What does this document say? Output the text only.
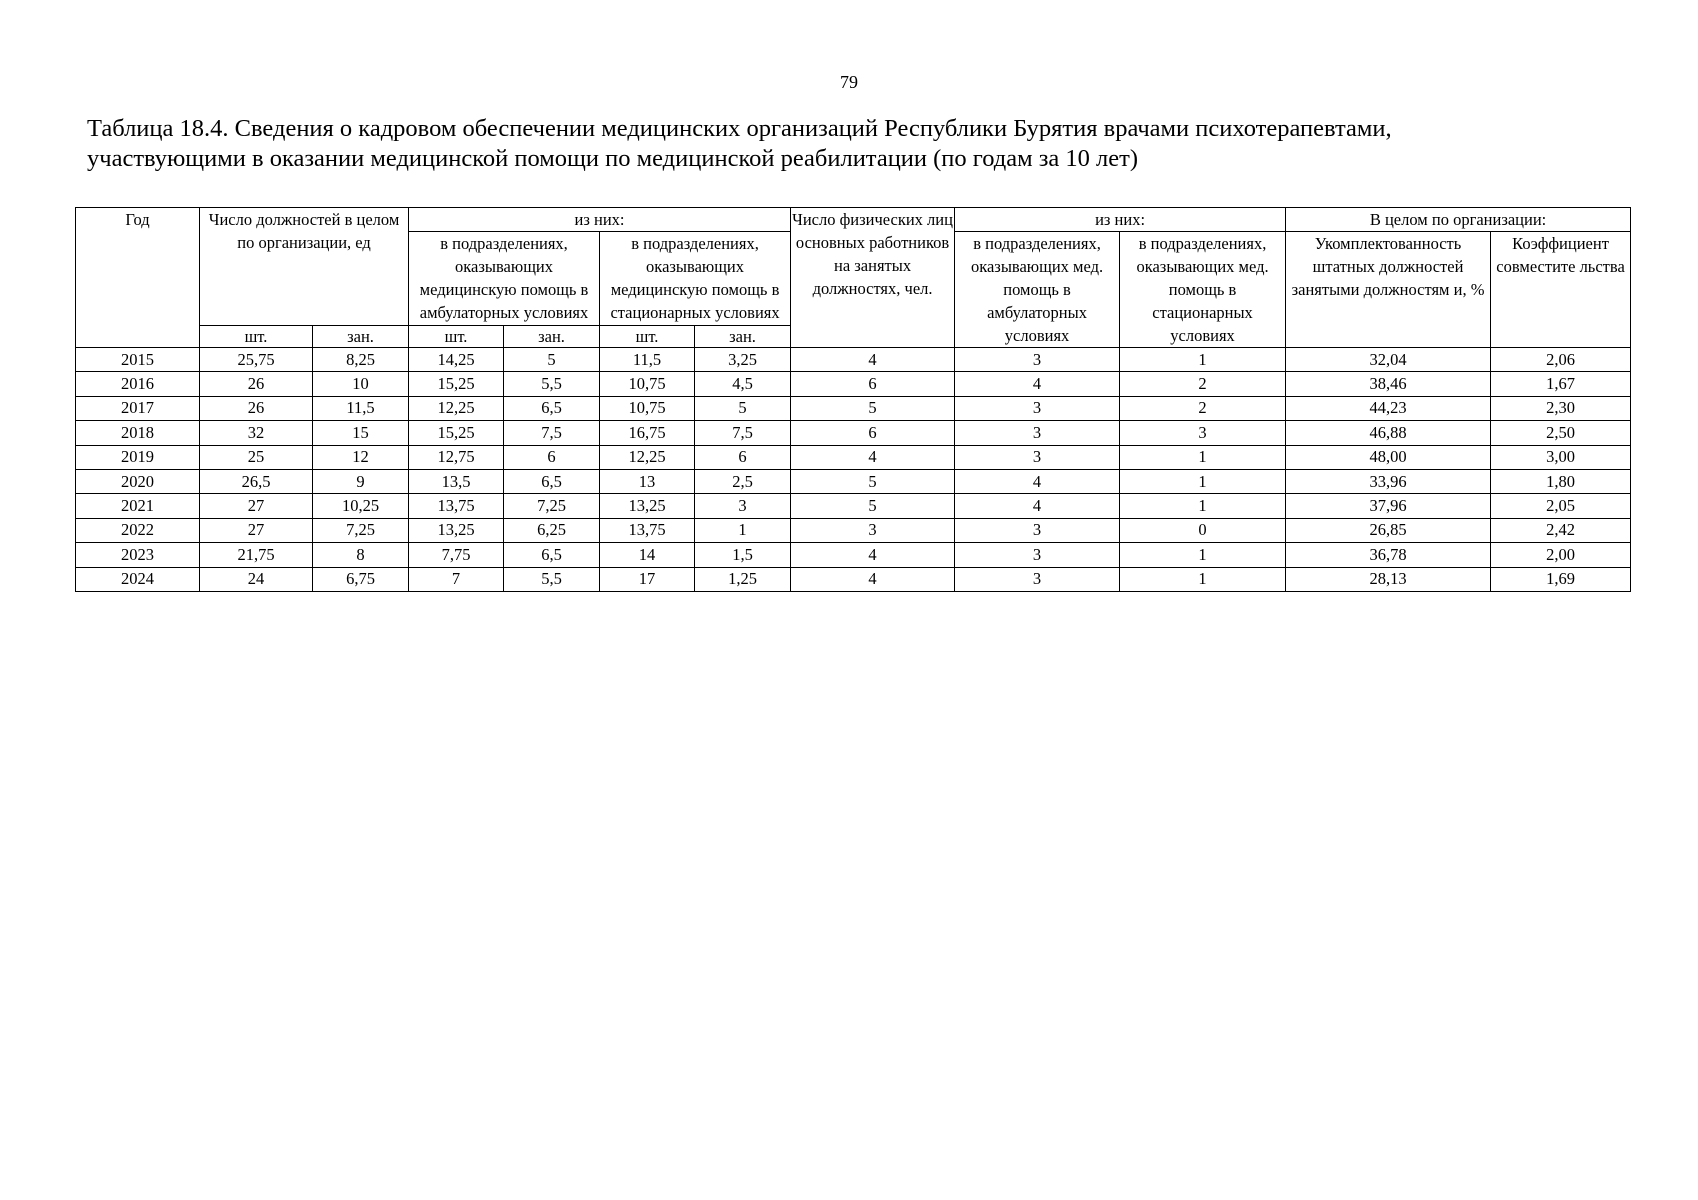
79
Таблица 18.4. Сведения о кадровом обеспечении медицинских организаций Республики Бурятия врачами психотерапевтами,
участвующими в оказании медицинской помощи по медицинской реабилитации (по годам за 10 лет)
Год	Число должностей в целом по организации, ед		из них:				Число физических лиц основных работников на занятых должностях, чел.	из них:		В целом по организации:	
			в подразделениях, оказывающих медицинскую помощь в амбулаторных условиях		в подразделениях, оказывающих медицинскую помощь в стационарных условиях			в подразделениях, оказывающих мед. помощь в амбулаторных условиях	в подразделениях, оказывающих мед. помощь в стационарных условиях	Укомплектованность штатных должностей занятыми должностям и, %	Коэффициент совместите льства
	шт.	зан.	шт.	зан.	шт.	зан.					
2015	25,75	8,25	14,25	5	11,5	3,25	4	3	1	32,04	2,06
2016	26	10	15,25	5,5	10,75	4,5	6	4	2	38,46	1,67
2017	26	11,5	12,25	6,5	10,75	5	5	3	2	44,23	2,30
2018	32	15	15,25	7,5	16,75	7,5	6	3	3	46,88	2,50
2019	25	12	12,75	6	12,25	6	4	3	1	48,00	3,00
2020	26,5	9	13,5	6,5	13	2,5	5	4	1	33,96	1,80
2021	27	10,25	13,75	7,25	13,25	3	5	4	1	37,96	2,05
2022	27	7,25	13,25	6,25	13,75	1	3	3	0	26,85	2,42
2023	21,75	8	7,75	6,5	14	1,5	4	3	1	36,78	2,00
2024	24	6,75	7	5,5	17	1,25	4	3	1	28,13	1,69
